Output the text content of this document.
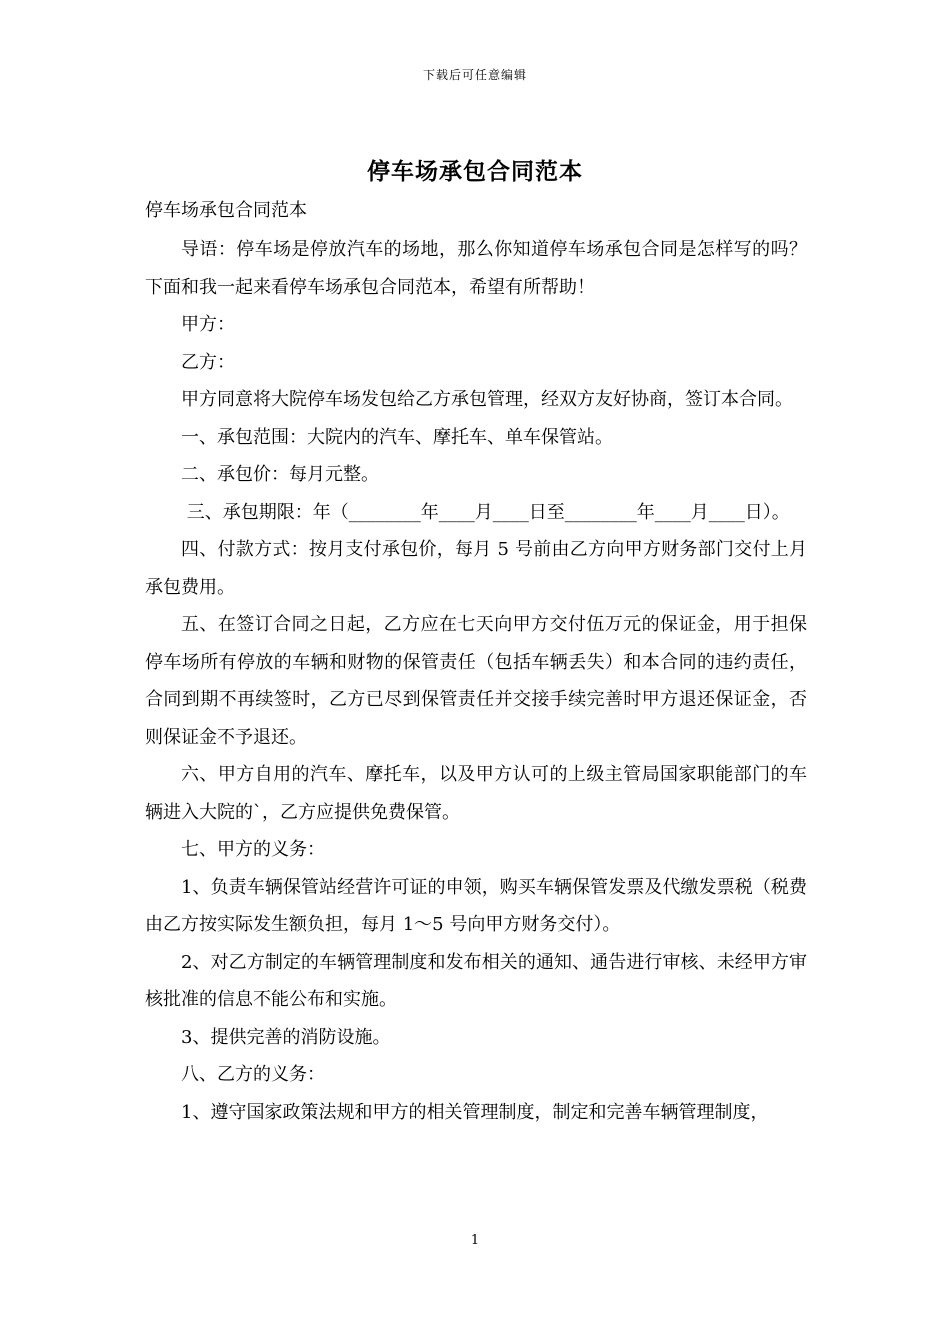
下载后可任意编辑
停车场承包合同范本

停车场承包合同范本

导语：停车场是停放汽车的场地，那么你知道停车场承包合同是怎样写的吗？下面和我一起来看停车场承包合同范本，希望有所帮助！

甲方：

乙方：

甲方同意将大院停车场发包给乙方承包管理，经双方友好协商，签订本合同。

一、承包范围：大院内的汽车、摩托车、单车保管站。

二、承包价：每月元整。

三、承包期限：年（________年____月____日至________年____月____日）。

四、付款方式：按月支付承包价，每月 5 号前由乙方向甲方财务部门交付上月承包费用。

五、在签订合同之日起，乙方应在七天向甲方交付伍万元的保证金，用于担保停车场所有停放的车辆和财物的保管责任（包括车辆丢失）和本合同的违约责任，合同到期不再续签时，乙方已尽到保管责任并交接手续完善时甲方退还保证金，否则保证金不予退还。

六、甲方自用的汽车、摩托车，以及甲方认可的上级主管局国家职能部门的车辆进入大院的`，乙方应提供免费保管。

七、甲方的义务：

1、负责车辆保管站经营许可证的申领，购买车辆保管发票及代缴发票税（税费由乙方按实际发生额负担，每月 1～5 号向甲方财务交付）。

2、对乙方制定的车辆管理制度和发布相关的通知、通告进行审核、未经甲方审核批准的信息不能公布和实施。

3、提供完善的消防设施。

八、乙方的义务：

1、遵守国家政策法规和甲方的相关管理制度，制定和完善车辆管理制度，

1
